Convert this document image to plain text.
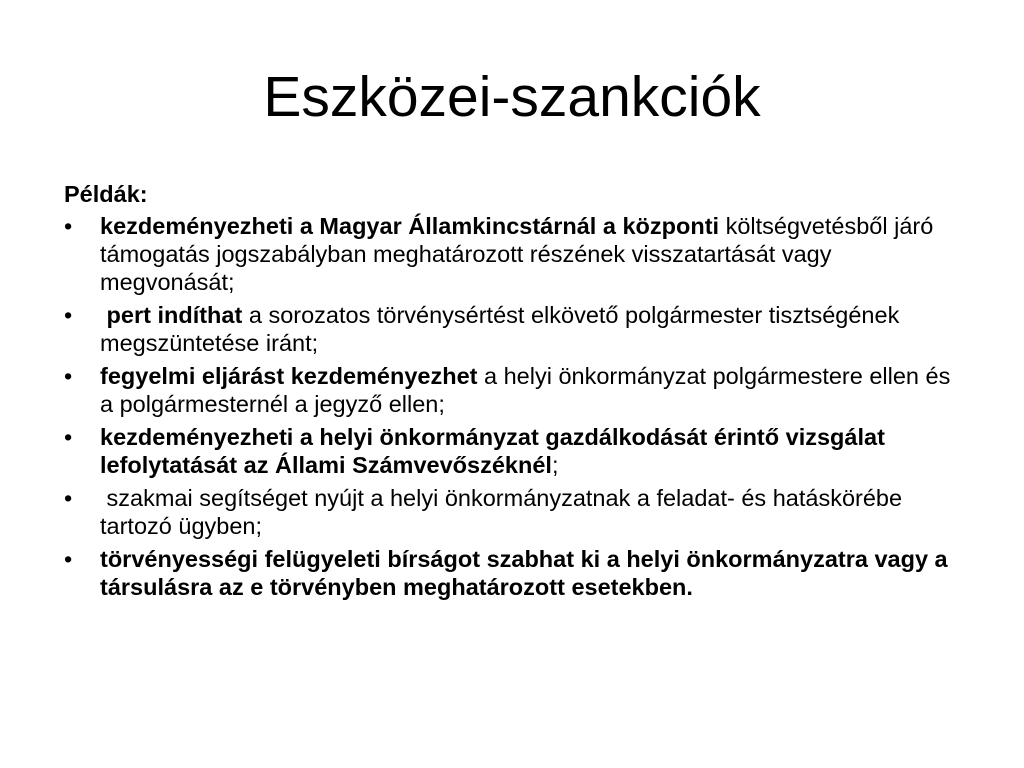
Eszközei-szankciók
Példák:
•	kezdeményezheti a Magyar Államkincstárnál a központi költségvetésből járó támogatás jogszabályban meghatározott részének visszatartását vagy megvonását;
•	pert indíthat a sorozatos törvénysértést elkövető polgármester tisztségének megszüntetése iránt;
•	fegyelmi eljárást kezdeményezhet a helyi önkormányzat polgármestere ellen és a polgármesternél a jegyző ellen;
•	kezdeményezheti a helyi önkormányzat gazdálkodását érintő vizsgálat lefolytatását az Állami Számvevőszéknél;
•	szakmai segítséget nyújt a helyi önkormányzatnak a feladat- és hatáskörébe tartozó ügyben;
•	törvényességi felügyeleti bírságot szabhat ki a helyi önkormányzatra vagy a társulásra az e törvényben meghatározott esetekben.
